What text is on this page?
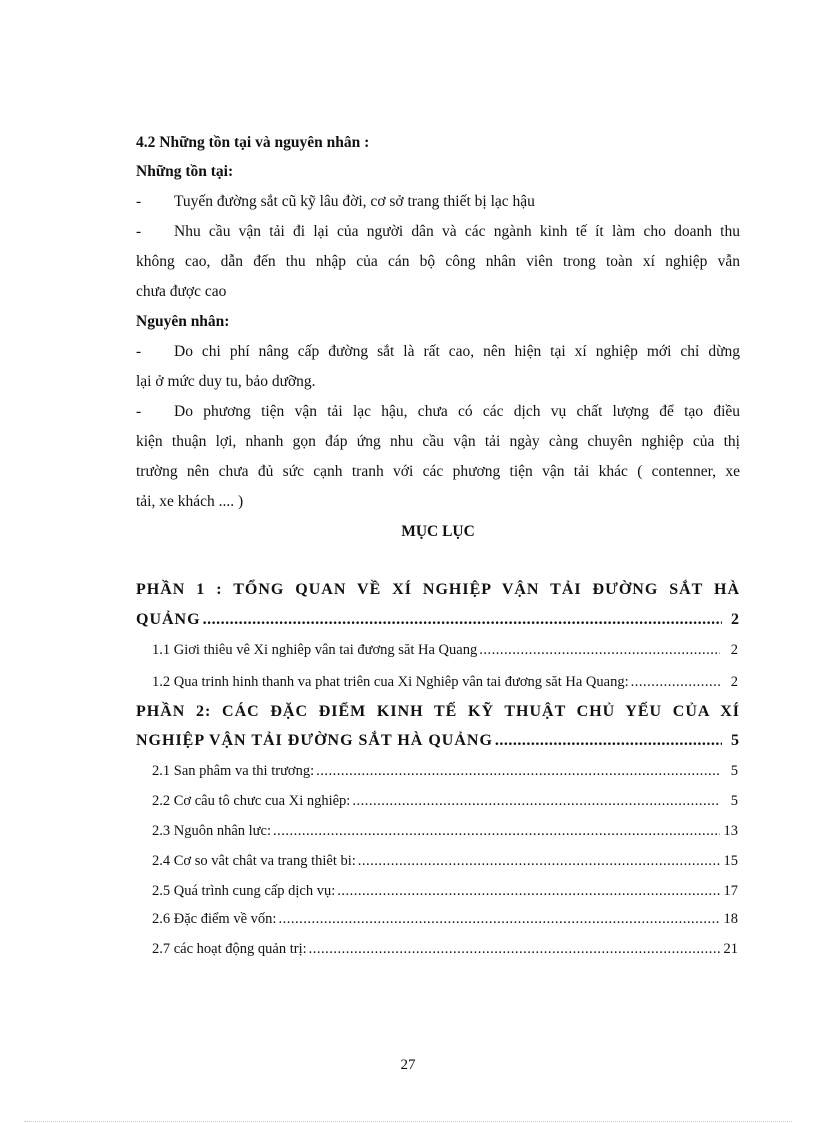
4.2 Những tồn tại và nguyên nhân :
Những tồn tại:
- Tuyến đường sắt cũ kỹ lâu đời, cơ sở trang thiết bị lạc hậu
- Nhu cầu vận tải đi lại của người dân và các ngành kinh tế ít làm cho doanh thu
không cao, dẫn đến thu nhập của cán bộ công nhân viên trong toàn xí nghiệp vẫn
chưa được cao
Nguyên nhân:
- Do chi phí nâng cấp đường sắt là rất cao, nên hiện tại xí nghiệp mới chỉ dừng
lại ở mức duy tu, bảo dưỡng.
- Do phương tiện vận tải lạc hậu, chưa có các dịch vụ chất lượng để tạo điều
kiện thuận lợi, nhanh gọn đáp ứng nhu cầu vận tải ngày càng chuyên nghiệp của thị
trường nên chưa đủ sức cạnh tranh với các phương tiện vận tải khác ( contenner, xe
tải, xe khách .... )
MỤC LỤC
PHẦN 1 : TỔNG QUAN VỀ XÍ NGHIỆP VẬN TẢI ĐƯỜNG SẮT HÀ
QUẢNG .....	2
1.1 Giơi thiêu vê Xi nghiêp vân tai đương săt Ha Quang .....	2
1.2 Qua trinh hinh thanh va phat triên cua Xi Nghiêp vân tai đương săt Ha Quang: .....	2
PHẦN 2: CÁC ĐẶC ĐIỂM KINH TẾ KỸ THUẬT CHỦ YẾU CỦA XÍ
NGHIỆP VẬN TẢI ĐƯỜNG SẮT HÀ QUẢNG .....	5
2.1 San phâm va thi trương: .....	5
2.2 Cơ câu tô chưc cua Xi nghiêp: .....	5
2.3 Nguôn nhân lưc: .....	13
2.4 Cơ so vât chât va trang thiêt bi: .....	15
2.5 Quá trình cung cấp dịch vụ: .....	17
2.6 Đặc điểm về vốn: .....	18
2.7 các hoạt động quản trị: .....	21
27
